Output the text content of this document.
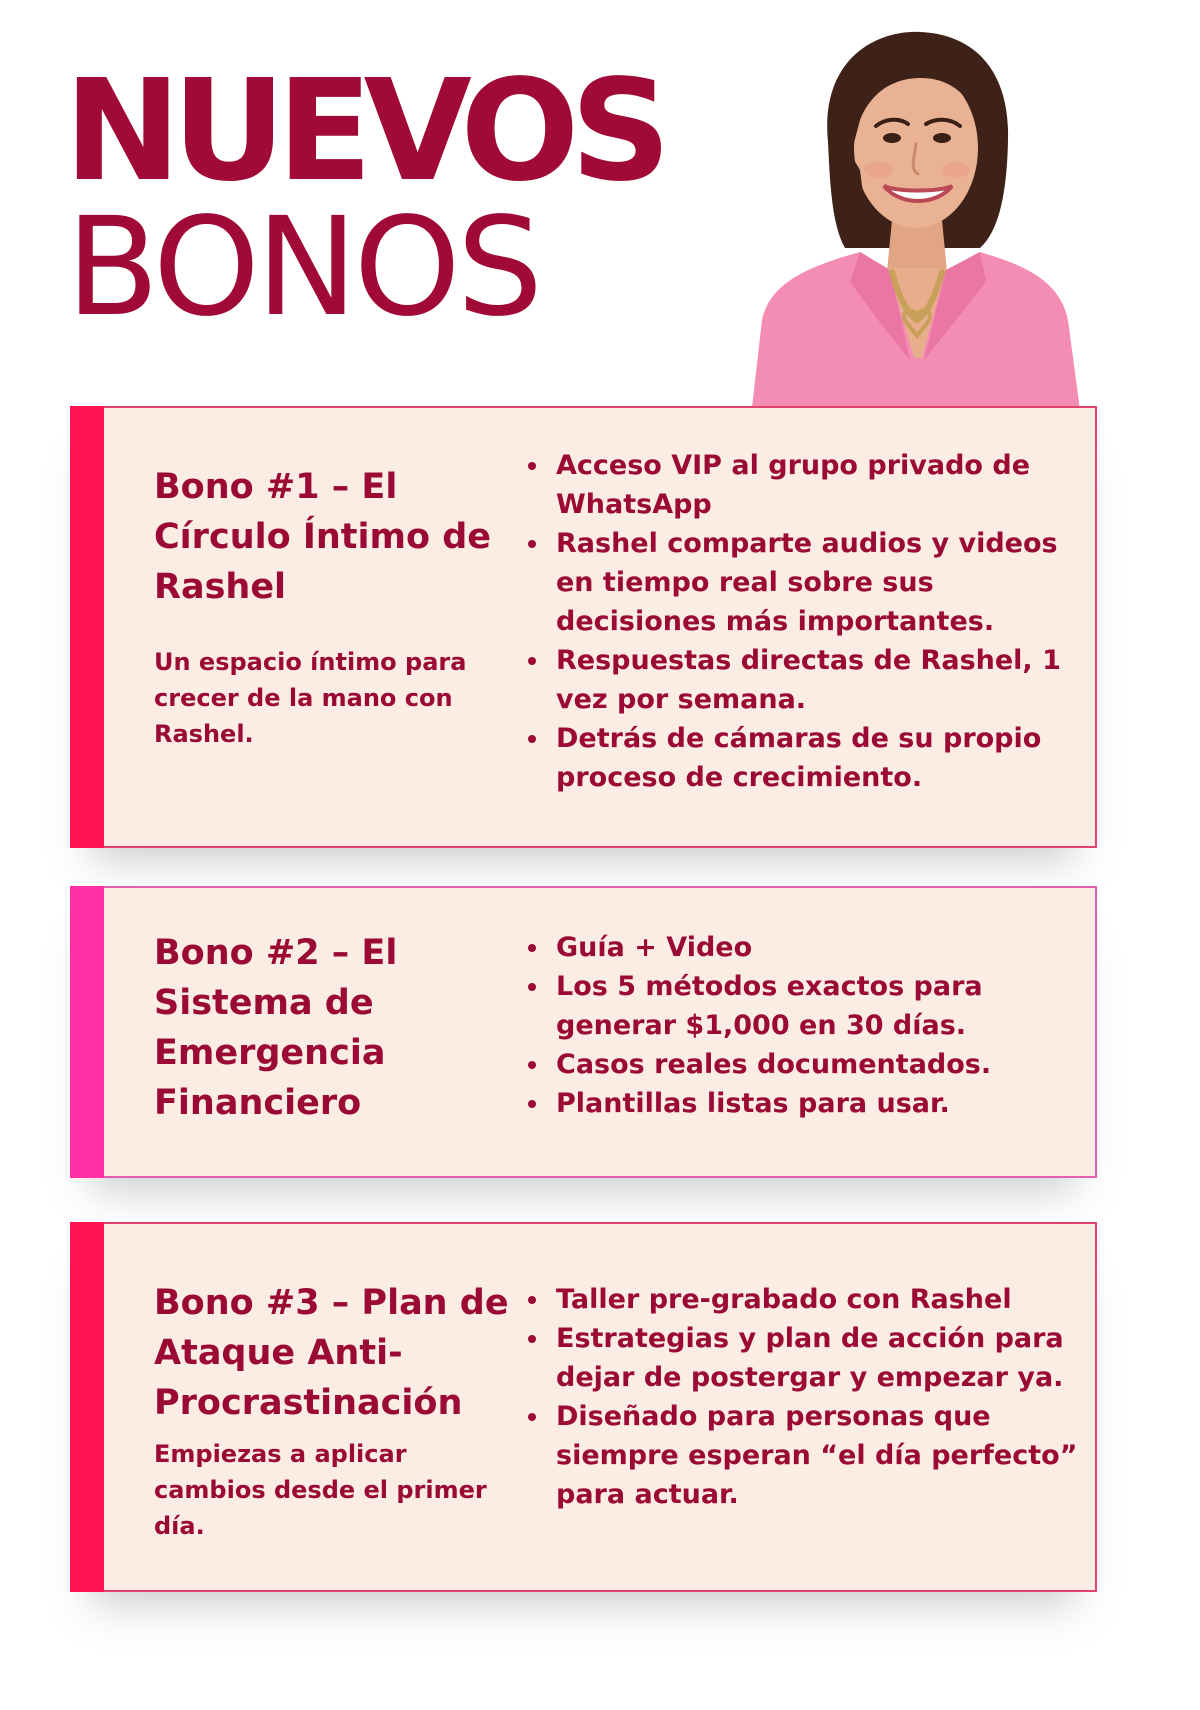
NUEVOS
BONOS
Bono #1 – El Círculo Íntimo de Rashel

Un espacio íntimo para crecer de la mano con Rashel.

Acceso VIP al grupo privado de WhatsApp
Rashel comparte audios y videos en tiempo real sobre sus decisiones más importantes.
Respuestas directas de Rashel, 1 vez por semana.
Detrás de cámaras de su propio proceso de crecimiento.
Bono #2 – El Sistema de Emergencia Financiero
Guía + Video
Los 5 métodos exactos para generar $1,000 en 30 días.
Casos reales documentados.
Plantillas listas para usar.
Bono #3 – Plan de Ataque Anti-Procrastinación

Empiezas a aplicar cambios desde el primer día.

Taller pre-grabado con Rashel
Estrategias y plan de acción para dejar de postergar y empezar ya.
Diseñado para personas que siempre esperan “el día perfecto” para actuar.
